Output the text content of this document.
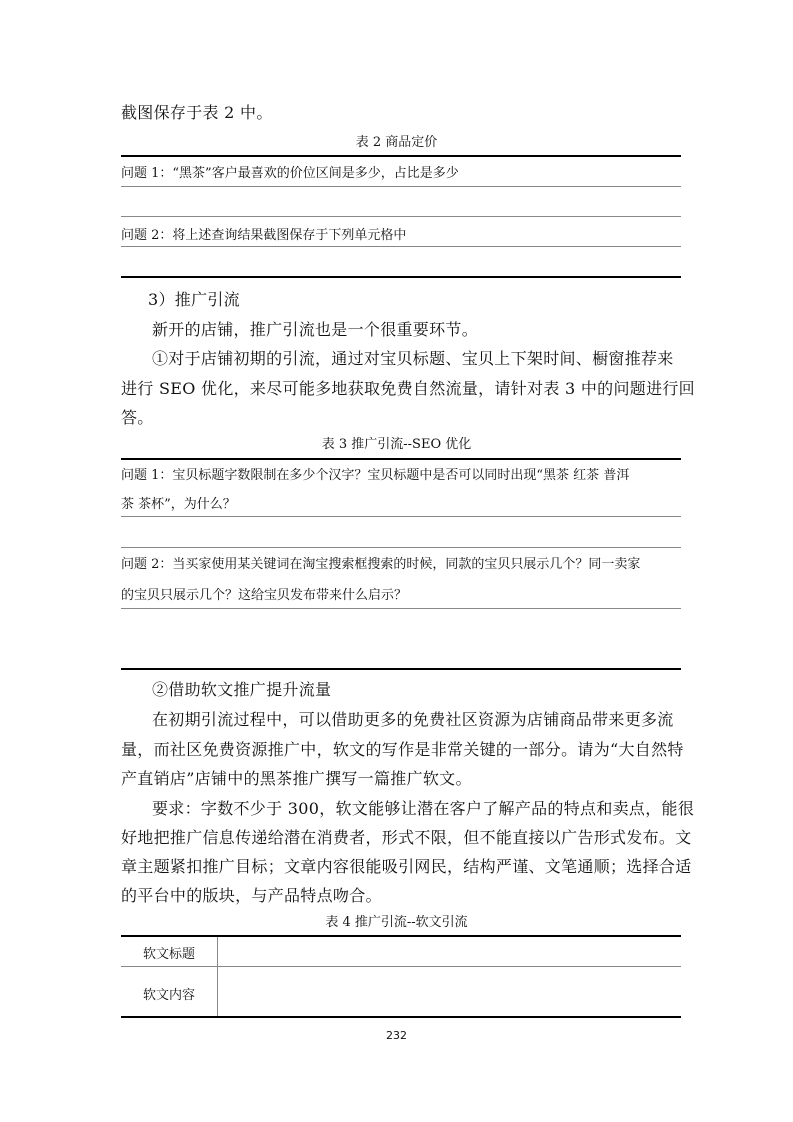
截图保存于表 2 中。
表 2 商品定价
问题 1：“黑茶”客户最喜欢的价位区间是多少，占比是多少
问题 2：将上述查询结果截图保存于下列单元格中
3）推广引流
新开的店铺，推广引流也是一个很重要环节。
①对于店铺初期的引流，通过对宝贝标题、宝贝上下架时间、橱窗推荐来
进行 SEO 优化，来尽可能多地获取免费自然流量，请针对表 3 中的问题进行回
答。
表 3 推广引流--SEO 优化
问题 1：宝贝标题字数限制在多少个汉字？宝贝标题中是否可以同时出现“黑茶 红茶 普洱
茶 茶杯”，为什么？
问题 2：当买家使用某关键词在淘宝搜索框搜索的时候，同款的宝贝只展示几个？同一卖家
的宝贝只展示几个？这给宝贝发布带来什么启示？
②借助软文推广提升流量
在初期引流过程中，可以借助更多的免费社区资源为店铺商品带来更多流
量，而社区免费资源推广中，软文的写作是非常关键的一部分。请为“大自然特
产直销店”店铺中的黑茶推广撰写一篇推广软文。
要求：字数不少于 300，软文能够让潜在客户了解产品的特点和卖点，能很
好地把推广信息传递给潜在消费者，形式不限，但不能直接以广告形式发布。文
章主题紧扣推广目标；文章内容很能吸引网民，结构严谨、文笔通顺；选择合适
的平台中的版块，与产品特点吻合。
表 4 推广引流--软文引流
软文标题
软文内容
232
